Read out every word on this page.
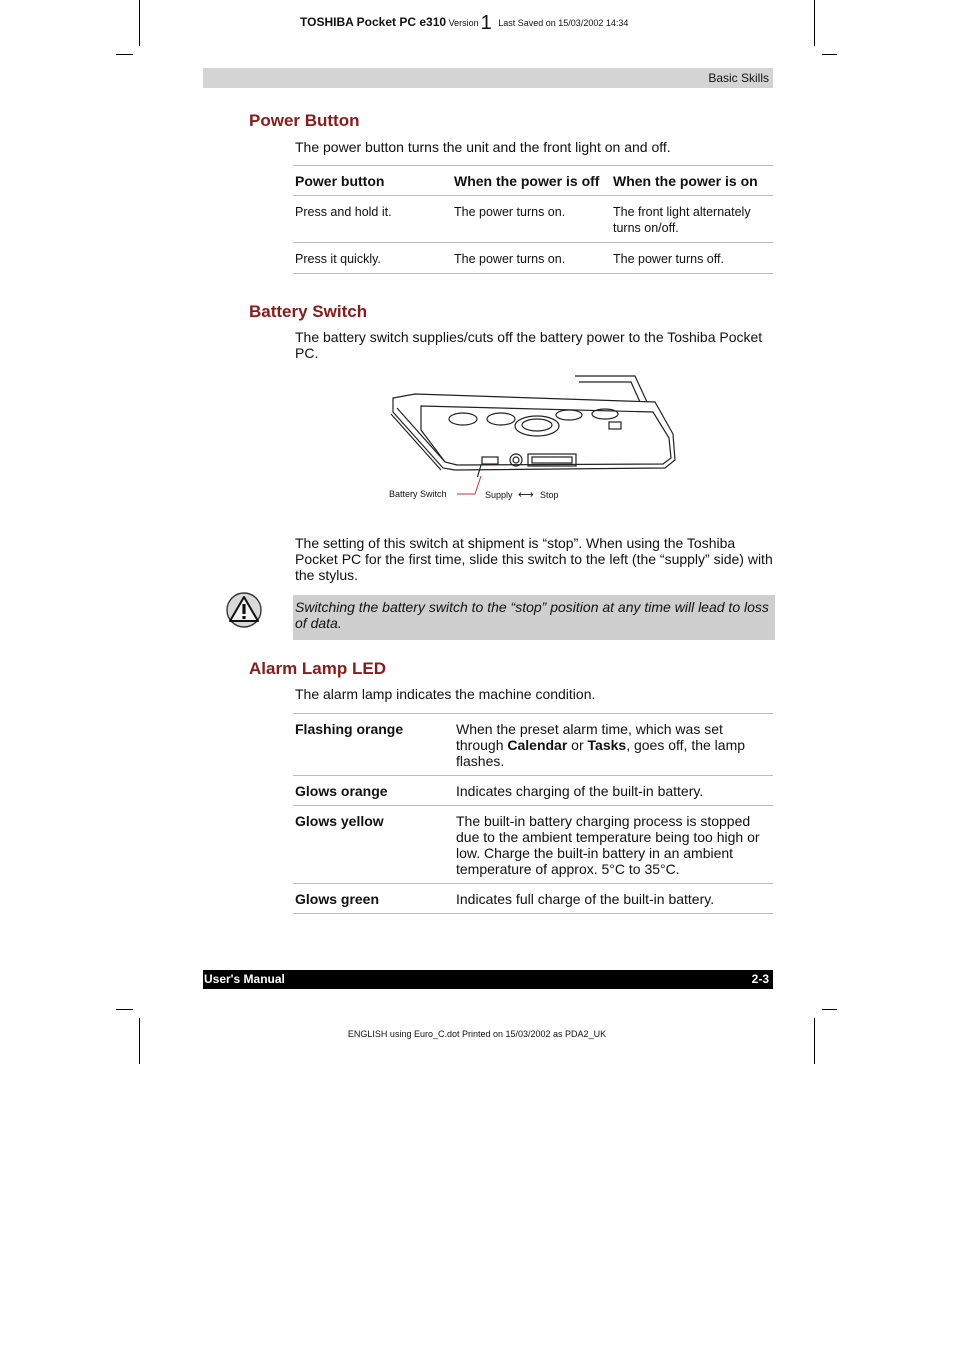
TOSHIBA Pocket PC e310 Version 1 Last Saved on 15/03/2002 14:34
Basic Skills
Power Button

The power button turns the unit and the front light on and off.

Power button	When the power is off	When the power is on
Press and hold it.	The power turns on.	The front light alternately turns on/off.
Press it quickly.	The power turns on.	The power turns off.
Battery Switch

The battery switch supplies/cuts off the battery power to the Toshiba Pocket PC.

Battery Switch	Supply ⟷ Stop

The setting of this switch at shipment is “stop”. When using the Toshiba Pocket PC for the first time, slide this switch to the left (the “supply” side) with the stylus.

Switching the battery switch to the “stop” position at any time will lead to loss of data.

Alarm Lamp LED

The alarm lamp indicates the machine condition.

Flashing orange	When the preset alarm time, which was set through Calendar or Tasks, goes off, the lamp flashes.
Glows orange	Indicates charging of the built-in battery.
Glows yellow	The built-in battery charging process is stopped due to the ambient temperature being too high or low. Charge the built-in battery in an ambient temperature of approx. 5°C to 35°C.
Glows green	Indicates full charge of the built-in battery.
User's Manual	2-3
ENGLISH using Euro_C.dot Printed on 15/03/2002 as PDA2_UK
